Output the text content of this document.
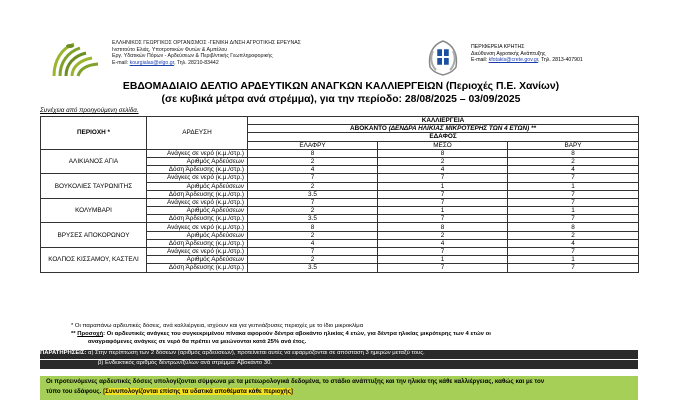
ΕΛΛΗΝΙΚΟΣ ΓΕΩΡΓΙΚΟΣ ΟΡΓΑΝΙΣΜΟΣ -ΓΕΝΙΚΗ Δ/ΝΣΗ ΑΓΡΟΤΙΚΗΣ ΕΡΕΥΝΑΣ
Ινστιτούτο Ελιάς, Υποτροπικών Φυτών & Αμπέλου
Εργ. Υδατικών Πόρων - Αρδεύσεων & Περιβ/ντικής Γεωπληροφορικής
E-mail: kourgialas@elgo.gr, Τηλ. 28210-83442
ΠΕΡΙΦΕΡΕΙΑ ΚΡΗΤΗΣ
Διεύθυνση Αγροτικής Ανάπτυξης
E-mail: kfotakis@crete.gov.gr, Τηλ. 2813-407901
ΕΒΔΟΜΑΔΙΑΙΟ ΔΕΛΤΙΟ ΑΡΔΕΥΤΙΚΩΝ ΑΝΑΓΚΩΝ ΚΑΛΛΙΕΡΓΕΙΩΝ (Περιοχές Π.Ε. Χανίων)
(σε κυβικά μέτρα ανά στρέμμα), για την περίοδο: 28/08/2025 – 03/09/2025
Συνέχεια από προηγούμενη σελίδα.
ΠΕΡΙΟΧΗ *	ΑΡΔΕΥΣΗ	ΚΑΛΛΙΕΡΓΕΙΑ		
		ΑΒΟΚΑΝΤΟ (ΔΕΝΔΡΑ ΗΛΙΚΙΑΣ ΜΙΚΡΟΤΕΡΗΣ ΤΩΝ 4 ΕΤΩΝ) **		
		ΕΔΑΦΟΣ		
		ΕΛΑΦΡΥ	ΜΕΣΟ	ΒΑΡΥ
ΑΛΙΚΙΑΝΟΣ ΑΓΙΑ	Ανάγκες σε νερό (κ.μ./στρ.)	8	8	8
	Αριθμός Αρδεύσεων	2	2	2
	Δόση Άρδευσης (κ.μ./στρ.)	4	4	4
ΒΟΥΚΟΛΙΕΣ ΤΑΥΡΩΝΙΤΗΣ	Ανάγκες σε νερό (κ.μ./στρ.)	7	7	7
	Αριθμός Αρδεύσεων	2	1	1
	Δόση Άρδευσης (κ.μ./στρ.)	3.5	7	7
ΚΟΛΥΜΒΑΡΙ	Ανάγκες σε νερό (κ.μ./στρ.)	7	7	7
	Αριθμός Αρδεύσεων	2	1	1
	Δόση Άρδευσης (κ.μ./στρ.)	3.5	7	7
ΒΡΥΣΕΣ ΑΠΟΚΟΡΩΝΟΥ	Ανάγκες σε νερό (κ.μ./στρ.)	8	8	8
	Αριθμός Αρδεύσεων	2	2	2
	Δόση Άρδευσης (κ.μ./στρ.)	4	4	4
ΚΟΛΠΟΣ ΚΙΣΣΑΜΟΥ, ΚΑΣΤΕΛΙ	Ανάγκες σε νερό (κ.μ./στρ.)	7	7	7
	Αριθμός Αρδεύσεων	2	1	1
	Δόση Άρδευσης (κ.μ./στρ.)	3.5	7	7
* Οι παραπάνω αρδευτικές δόσεις, ανά καλλιέργεια, ισχύουν και για γειτνιάζουσες περιοχές με το ίδιο μικροκλίμα
** Προσοχή: Οι αρδευτικές ανάγκες του συγκεκριμένου πίνακα αφορούν δέντρα αβοκάντο ηλικίας 4 ετών, για δέντρα ηλικίας μικρότερης των 4 ετών οι
αναγραφόμενες ανάγκες σε νερό θα πρέπει να μειώνονται κατά 25% ανά έτος.
ΠΑΡΑΤΗΡΗΣΕΙΣ: α) Στην περίπτωση των 2 δόσεων (αριθμός αρδεύσεων), προτείνεται αυτές να εφαρμόζονται σε απόσταση 3 ημερών μεταξύ τους.
β) Ενδεικτικός αριθμός δέντρων/ξύλων ανά στρέμμα: Αβοκάντο 30.
Οι προτεινόμενες αρδευτικές δόσεις υπολογίζονται σύμφωνα με τα μετεωρολογικά δεδομένα, το στάδιο ανάπτυξης και την ηλικία της κάθε καλλιέργειας, καθώς και με τον
τύπο του εδάφους. [Συνυπολογίζονται επίσης τα υδατικά αποθέματα κάθε περιοχής]
